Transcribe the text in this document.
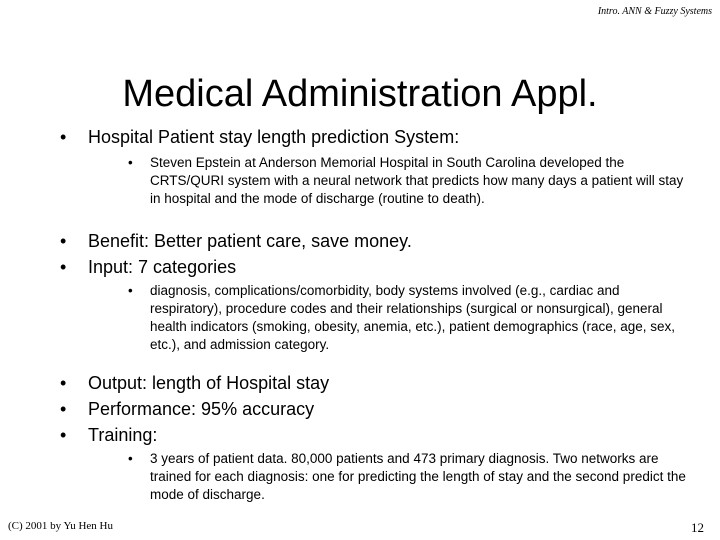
Intro. ANN & Fuzzy Systems
Medical Administration Appl.
• Hospital Patient stay length prediction System:
• Steven Epstein at Anderson Memorial Hospital in South Carolina developed the CRTS/QURI system with a neural network that predicts how many days a patient will stay in hospital and the mode of discharge (routine to death).
• Benefit: Better patient care, save money.
• Input: 7 categories
• diagnosis, complications/comorbidity, body systems involved (e.g., cardiac and respiratory), procedure codes and their relationships (surgical or nonsurgical), general health indicators (smoking, obesity, anemia, etc.), patient demographics (race, age, sex, etc.), and admission category.
• Output: length of Hospital stay
• Performance: 95% accuracy
• Training:
• 3 years of patient data. 80,000 patients and 473 primary diagnosis. Two networks are trained for each diagnosis: one for predicting the length of stay and the second predict the mode of discharge.
(C) 2001 by Yu Hen Hu	12
